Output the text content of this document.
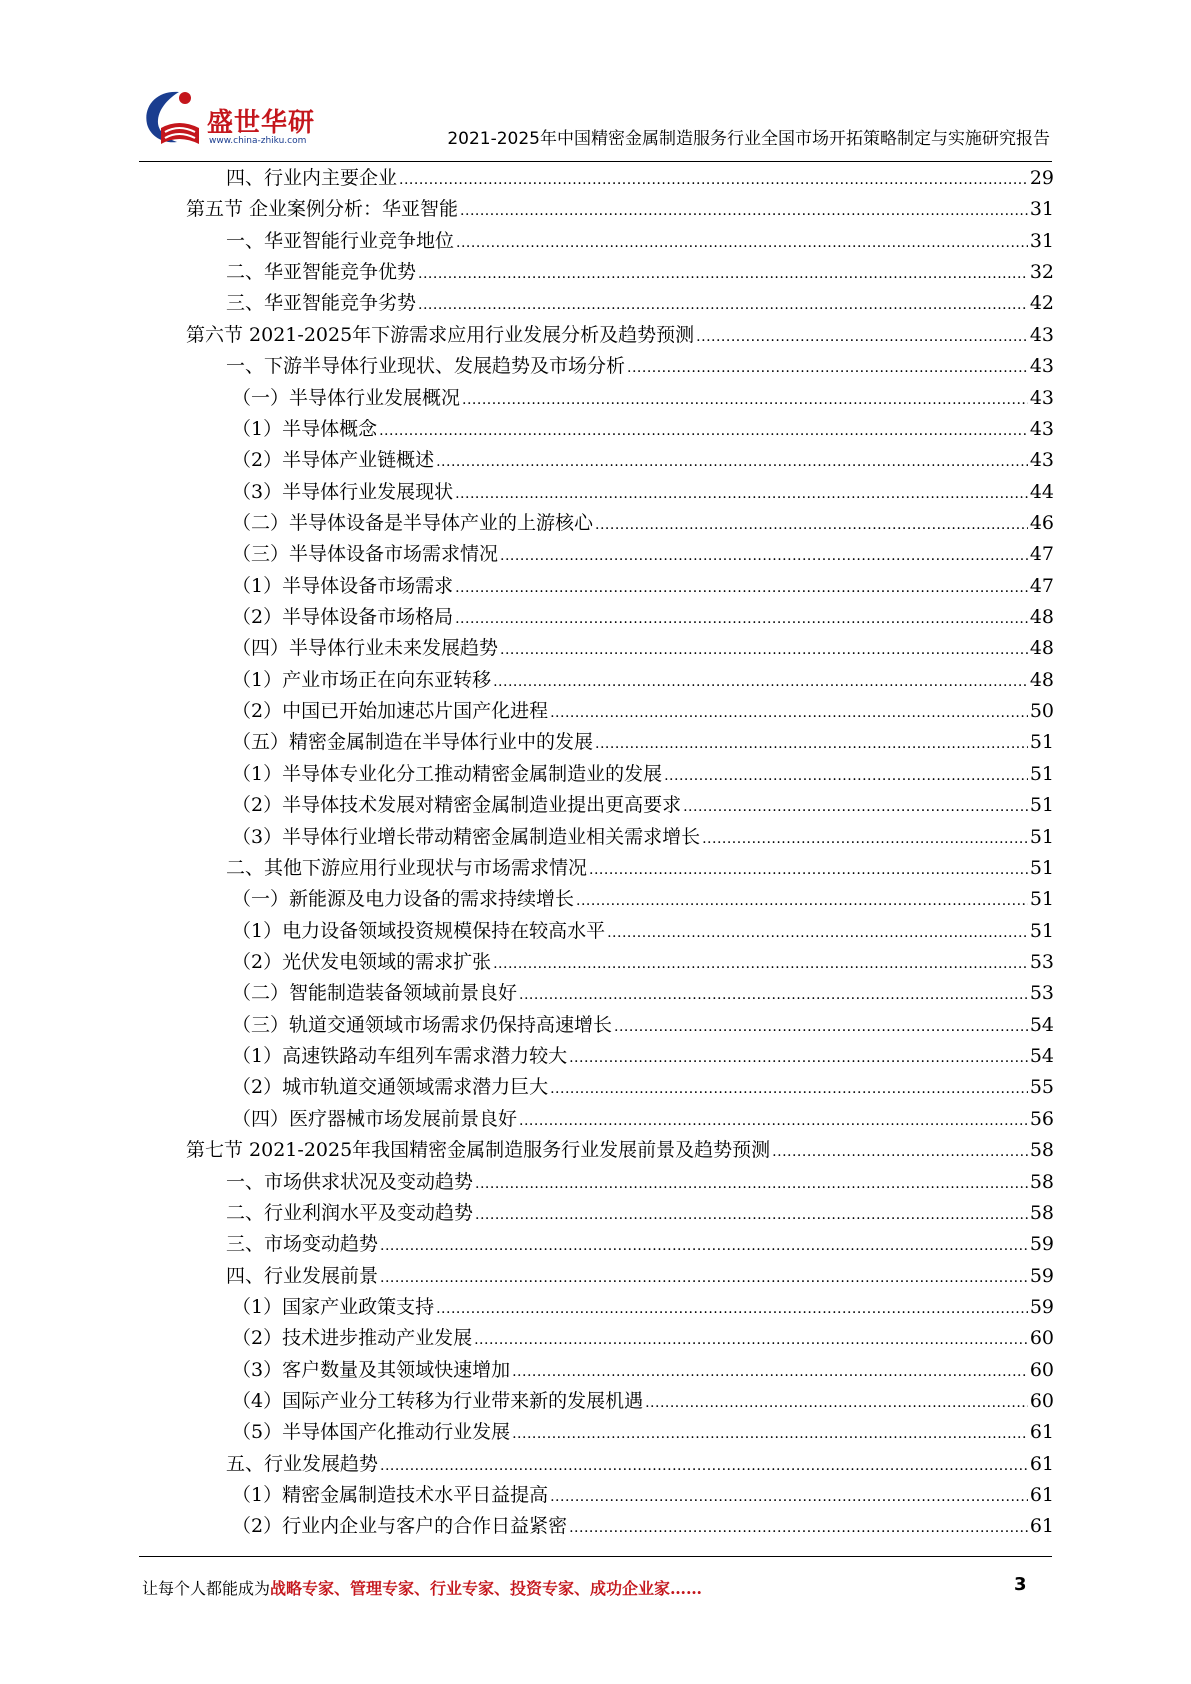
盛世华研
www.china-zhiku.com	2021-2025年中国精密金属制造服务行业全国市场开拓策略制定与实施研究报告
四、行业内主要企业 .....	29
第五节 企业案例分析：华亚智能 .....	31
一、华亚智能行业竞争地位 .....	31
二、华亚智能竞争优势 .....	32
三、华亚智能竞争劣势 .....	42
第六节 2021-2025年下游需求应用行业发展分析及趋势预测 .....	43
一、下游半导体行业现状、发展趋势及市场分析 .....	43
（一）半导体行业发展概况 .....	43
（1）半导体概念 .....	43
（2）半导体产业链概述 .....	43
（3）半导体行业发展现状 .....	44
（二）半导体设备是半导体产业的上游核心 .....	46
（三）半导体设备市场需求情况 .....	47
（1）半导体设备市场需求 .....	47
（2）半导体设备市场格局 .....	48
（四）半导体行业未来发展趋势 .....	48
（1）产业市场正在向东亚转移 .....	48
（2）中国已开始加速芯片国产化进程 .....	50
（五）精密金属制造在半导体行业中的发展 .....	51
（1）半导体专业化分工推动精密金属制造业的发展 .....	51
（2）半导体技术发展对精密金属制造业提出更高要求 .....	51
（3）半导体行业增长带动精密金属制造业相关需求增长 .....	51
二、其他下游应用行业现状与市场需求情况 .....	51
（一）新能源及电力设备的需求持续增长 .....	51
（1）电力设备领域投资规模保持在较高水平 .....	51
（2）光伏发电领域的需求扩张 .....	53
（二）智能制造装备领域前景良好 .....	53
（三）轨道交通领域市场需求仍保持高速增长 .....	54
（1）高速铁路动车组列车需求潜力较大 .....	54
（2）城市轨道交通领域需求潜力巨大 .....	55
（四）医疗器械市场发展前景良好 .....	56
第七节 2021-2025年我国精密金属制造服务行业发展前景及趋势预测 .....	58
一、市场供求状况及变动趋势 .....	58
二、行业利润水平及变动趋势 .....	58
三、市场变动趋势 .....	59
四、行业发展前景 .....	59
（1）国家产业政策支持 .....	59
（2）技术进步推动产业发展 .....	60
（3）客户数量及其领域快速增加 .....	60
（4）国际产业分工转移为行业带来新的发展机遇 .....	60
（5）半导体国产化推动行业发展 .....	61
五、行业发展趋势 .....	61
（1）精密金属制造技术水平日益提高 .....	61
（2）行业内企业与客户的合作日益紧密 .....	61
让每个人都能成为战略专家、管理专家、行业专家、投资专家、成功企业家……	3
